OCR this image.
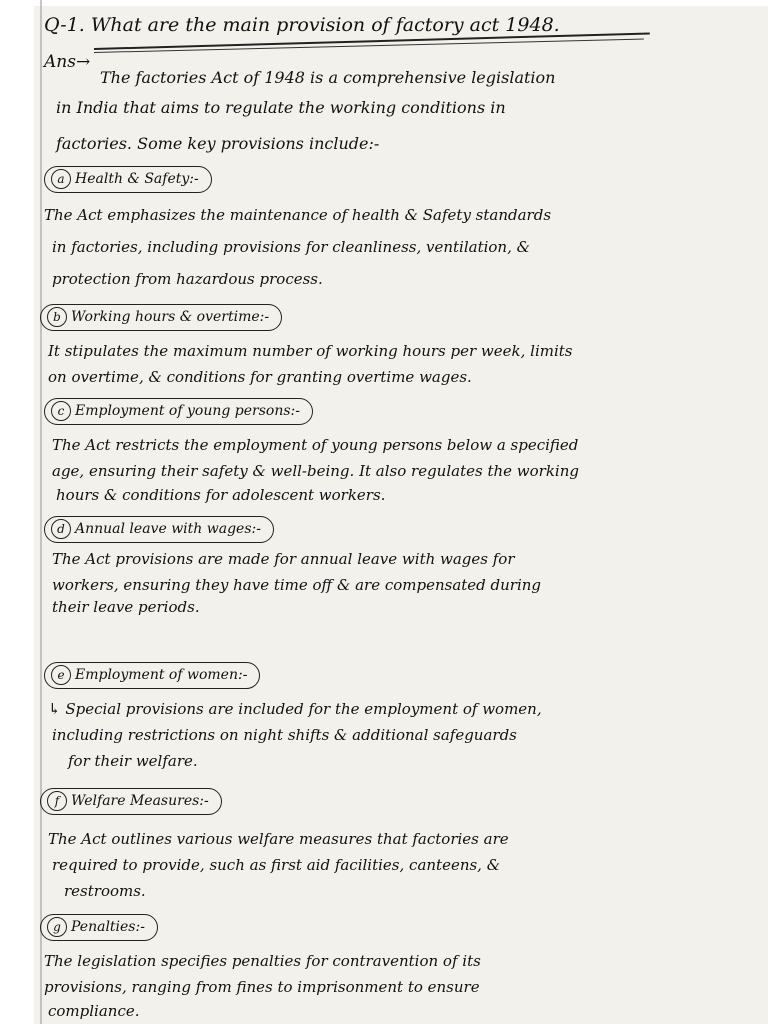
Q-1. What are the main provision of factory act 1948.

Ans→

The factories Act of 1948 is a comprehensive legislation

in India that aims to regulate the working conditions in

factories. Some key provisions include:-

a Health & Safety:-

The Act emphasizes the maintenance of health & Safety standards

in factories, including provisions for cleanliness, ventilation, &

protection from hazardous process.

b Working hours & overtime:-

It stipulates the maximum number of working hours per week, limits

on overtime, & conditions for granting overtime wages.

c Employment of young persons:-

The Act restricts the employment of young persons below a specified

age, ensuring their safety & well-being. It also regulates the working

hours & conditions for adolescent workers.

d Annual leave with wages:-

The Act provisions are made for annual leave with wages for

workers, ensuring they have time off & are compensated during

their leave periods.

e Employment of women:-

↳ Special provisions are included for the employment of women,

including restrictions on night shifts & additional safeguards

for their welfare.

f Welfare Measures:-

The Act outlines various welfare measures that factories are

required to provide, such as first aid facilities, canteens, &

restrooms.

g Penalties:-

The legislation specifies penalties for contravention of its

provisions, ranging from fines to imprisonment to ensure

compliance.
